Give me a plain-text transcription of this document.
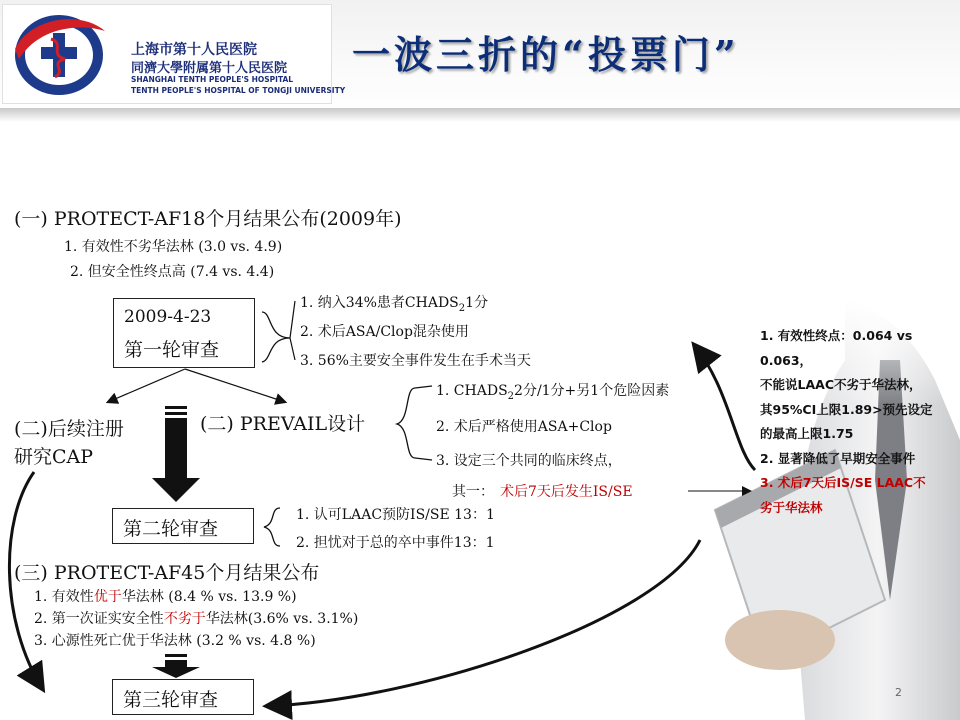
上海市第十人民医院
同濟大學附属第十人民医院
SHANGHAI TENTH PEOPLE'S HOSPITAL
TENTH PEOPLE'S HOSPITAL OF TONGJI UNIVERSITY
一波三折的“投票门”
(一) PROTECT-AF18个月结果公布(2009年)
1. 有效性不劣华法林 (3.0 vs. 4.9)
2. 但安全性终点高 (7.4 vs. 4.4)
2009-4-23
第一轮审查
1. 纳入34%患者$CHADS_21$分
2. 术后ASA/Clop混杂使用
3. 56%主要安全事件发生在手术当天
(二)后续注册
研究CAP
(二) PREVAIL设计
1. $CHADS_22$分/1分+另1个危险因素
2. 术后严格使用ASA+Clop
3. 设定三个共同的临床终点，
其一： 术后7天后发生IS/SE
第二轮审查
1. 认可LAAC预防IS/SE 13：1
2. 担忧对于总的卒中事件13：1
(三) PROTECT-AF45个月结果公布
1. 有效性优于华法林 (8.4 % vs. 13.9 %)
2. 第一次证实安全性不劣于华法林(3.6% vs. 3.1%)
3. 心源性死亡优于华法林 (3.2 % vs. 4.8 %)
第三轮审查
1. 有效性终点：0.064 vs
0.063，
不能说LAAC不劣于华法林，
其95%CI上限1.89>预先设定
的最高上限1.75
2. 显著降低了早期安全事件
3. 术后7天后IS/SE LAAC不
劣于华法林
2
